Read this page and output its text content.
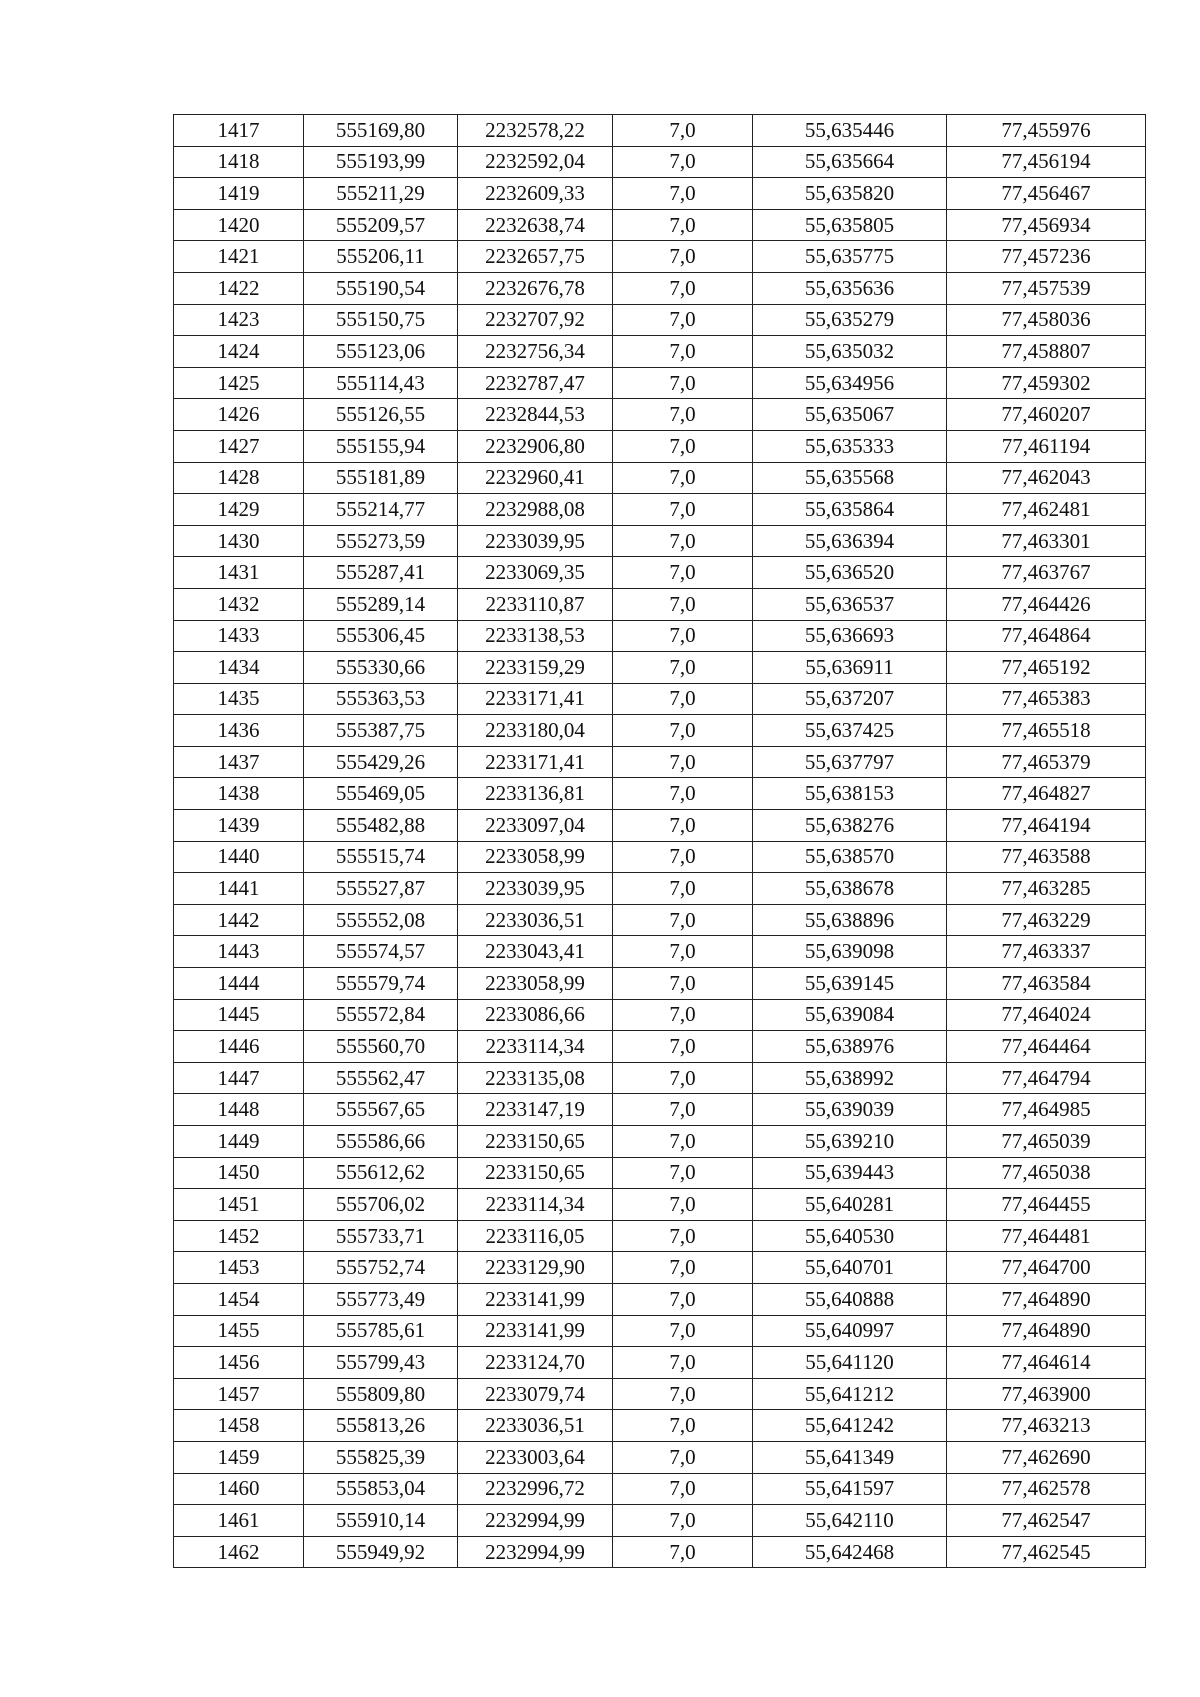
1417	555169,80	2232578,22	7,0	55,635446	77,455976
1418	555193,99	2232592,04	7,0	55,635664	77,456194
1419	555211,29	2232609,33	7,0	55,635820	77,456467
1420	555209,57	2232638,74	7,0	55,635805	77,456934
1421	555206,11	2232657,75	7,0	55,635775	77,457236
1422	555190,54	2232676,78	7,0	55,635636	77,457539
1423	555150,75	2232707,92	7,0	55,635279	77,458036
1424	555123,06	2232756,34	7,0	55,635032	77,458807
1425	555114,43	2232787,47	7,0	55,634956	77,459302
1426	555126,55	2232844,53	7,0	55,635067	77,460207
1427	555155,94	2232906,80	7,0	55,635333	77,461194
1428	555181,89	2232960,41	7,0	55,635568	77,462043
1429	555214,77	2232988,08	7,0	55,635864	77,462481
1430	555273,59	2233039,95	7,0	55,636394	77,463301
1431	555287,41	2233069,35	7,0	55,636520	77,463767
1432	555289,14	2233110,87	7,0	55,636537	77,464426
1433	555306,45	2233138,53	7,0	55,636693	77,464864
1434	555330,66	2233159,29	7,0	55,636911	77,465192
1435	555363,53	2233171,41	7,0	55,637207	77,465383
1436	555387,75	2233180,04	7,0	55,637425	77,465518
1437	555429,26	2233171,41	7,0	55,637797	77,465379
1438	555469,05	2233136,81	7,0	55,638153	77,464827
1439	555482,88	2233097,04	7,0	55,638276	77,464194
1440	555515,74	2233058,99	7,0	55,638570	77,463588
1441	555527,87	2233039,95	7,0	55,638678	77,463285
1442	555552,08	2233036,51	7,0	55,638896	77,463229
1443	555574,57	2233043,41	7,0	55,639098	77,463337
1444	555579,74	2233058,99	7,0	55,639145	77,463584
1445	555572,84	2233086,66	7,0	55,639084	77,464024
1446	555560,70	2233114,34	7,0	55,638976	77,464464
1447	555562,47	2233135,08	7,0	55,638992	77,464794
1448	555567,65	2233147,19	7,0	55,639039	77,464985
1449	555586,66	2233150,65	7,0	55,639210	77,465039
1450	555612,62	2233150,65	7,0	55,639443	77,465038
1451	555706,02	2233114,34	7,0	55,640281	77,464455
1452	555733,71	2233116,05	7,0	55,640530	77,464481
1453	555752,74	2233129,90	7,0	55,640701	77,464700
1454	555773,49	2233141,99	7,0	55,640888	77,464890
1455	555785,61	2233141,99	7,0	55,640997	77,464890
1456	555799,43	2233124,70	7,0	55,641120	77,464614
1457	555809,80	2233079,74	7,0	55,641212	77,463900
1458	555813,26	2233036,51	7,0	55,641242	77,463213
1459	555825,39	2233003,64	7,0	55,641349	77,462690
1460	555853,04	2232996,72	7,0	55,641597	77,462578
1461	555910,14	2232994,99	7,0	55,642110	77,462547
1462	555949,92	2232994,99	7,0	55,642468	77,462545
